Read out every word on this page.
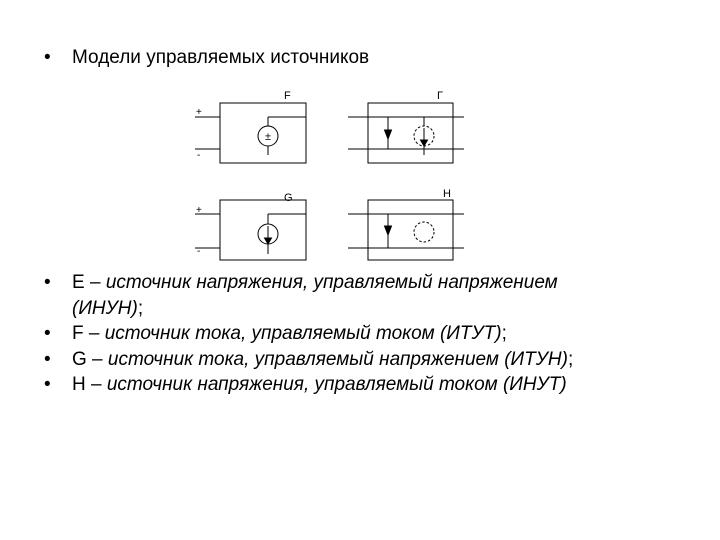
• Модели управляемых источников
F	Г
G	H
+
-
+
-
±
• E – источник напряжения, управляемый напряжением (ИНУН);
• F – источник тока, управляемый током (ИТУТ);
• G – источник тока, управляемый напряжением (ИТУН);
• H – источник напряжения, управляемый током (ИНУТ)
